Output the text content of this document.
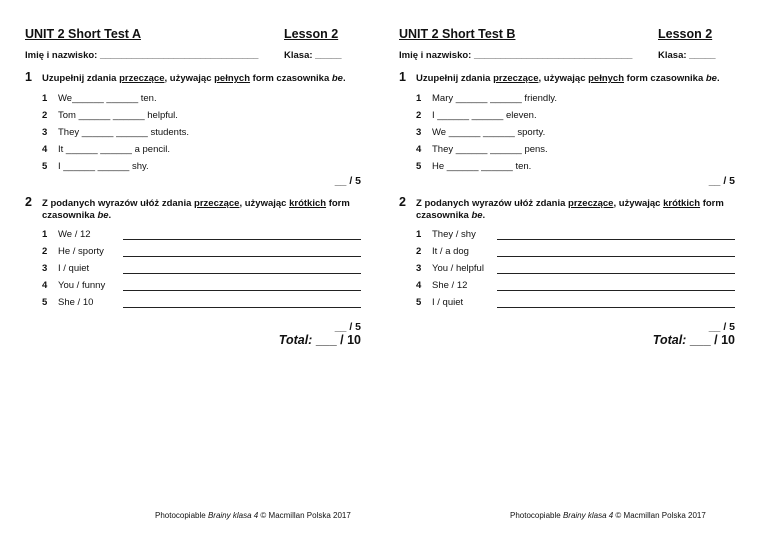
UNIT 2 Short Test A	Lesson 2
Imię i nazwisko: ______________________________	Klasa: _____
1 Uzupełnij zdania przeczące, używając pełnych form czasownika be.
1 We______ ______ ten.
2 Tom ______ ______ helpful.
3 They ______ ______ students.
4 It ______ ______ a pencil.
5 I ______ ______ shy.
__ / 5
2 Z podanych wyrazów ułóż zdania przeczące, używając krótkich form czasownika be.
1 We / 12
2 He / sporty
3 I / quiet
4 You / funny
5 She / 10
__ / 5
Total: ___ / 10
Photocopiable Brainy klasa 4 © Macmillan Polska 2017
UNIT 2 Short Test B	Lesson 2
Imię i nazwisko: ______________________________	Klasa: _____
1 Uzupełnij zdania przeczące, używając pełnych form czasownika be.
1 Mary ______ ______ friendly.
2 I ______ ______ eleven.
3 We ______ ______ sporty.
4 They ______ ______ pens.
5 He ______ ______ ten.
__ / 5
2 Z podanych wyrazów ułóż zdania przeczące, używając krótkich form czasownika be.
1 They / shy
2 It / a dog
3 You / helpful
4 She / 12
5 I / quiet
__ / 5
Total: ___ / 10
Photocopiable Brainy klasa 4 © Macmillan Polska 2017
